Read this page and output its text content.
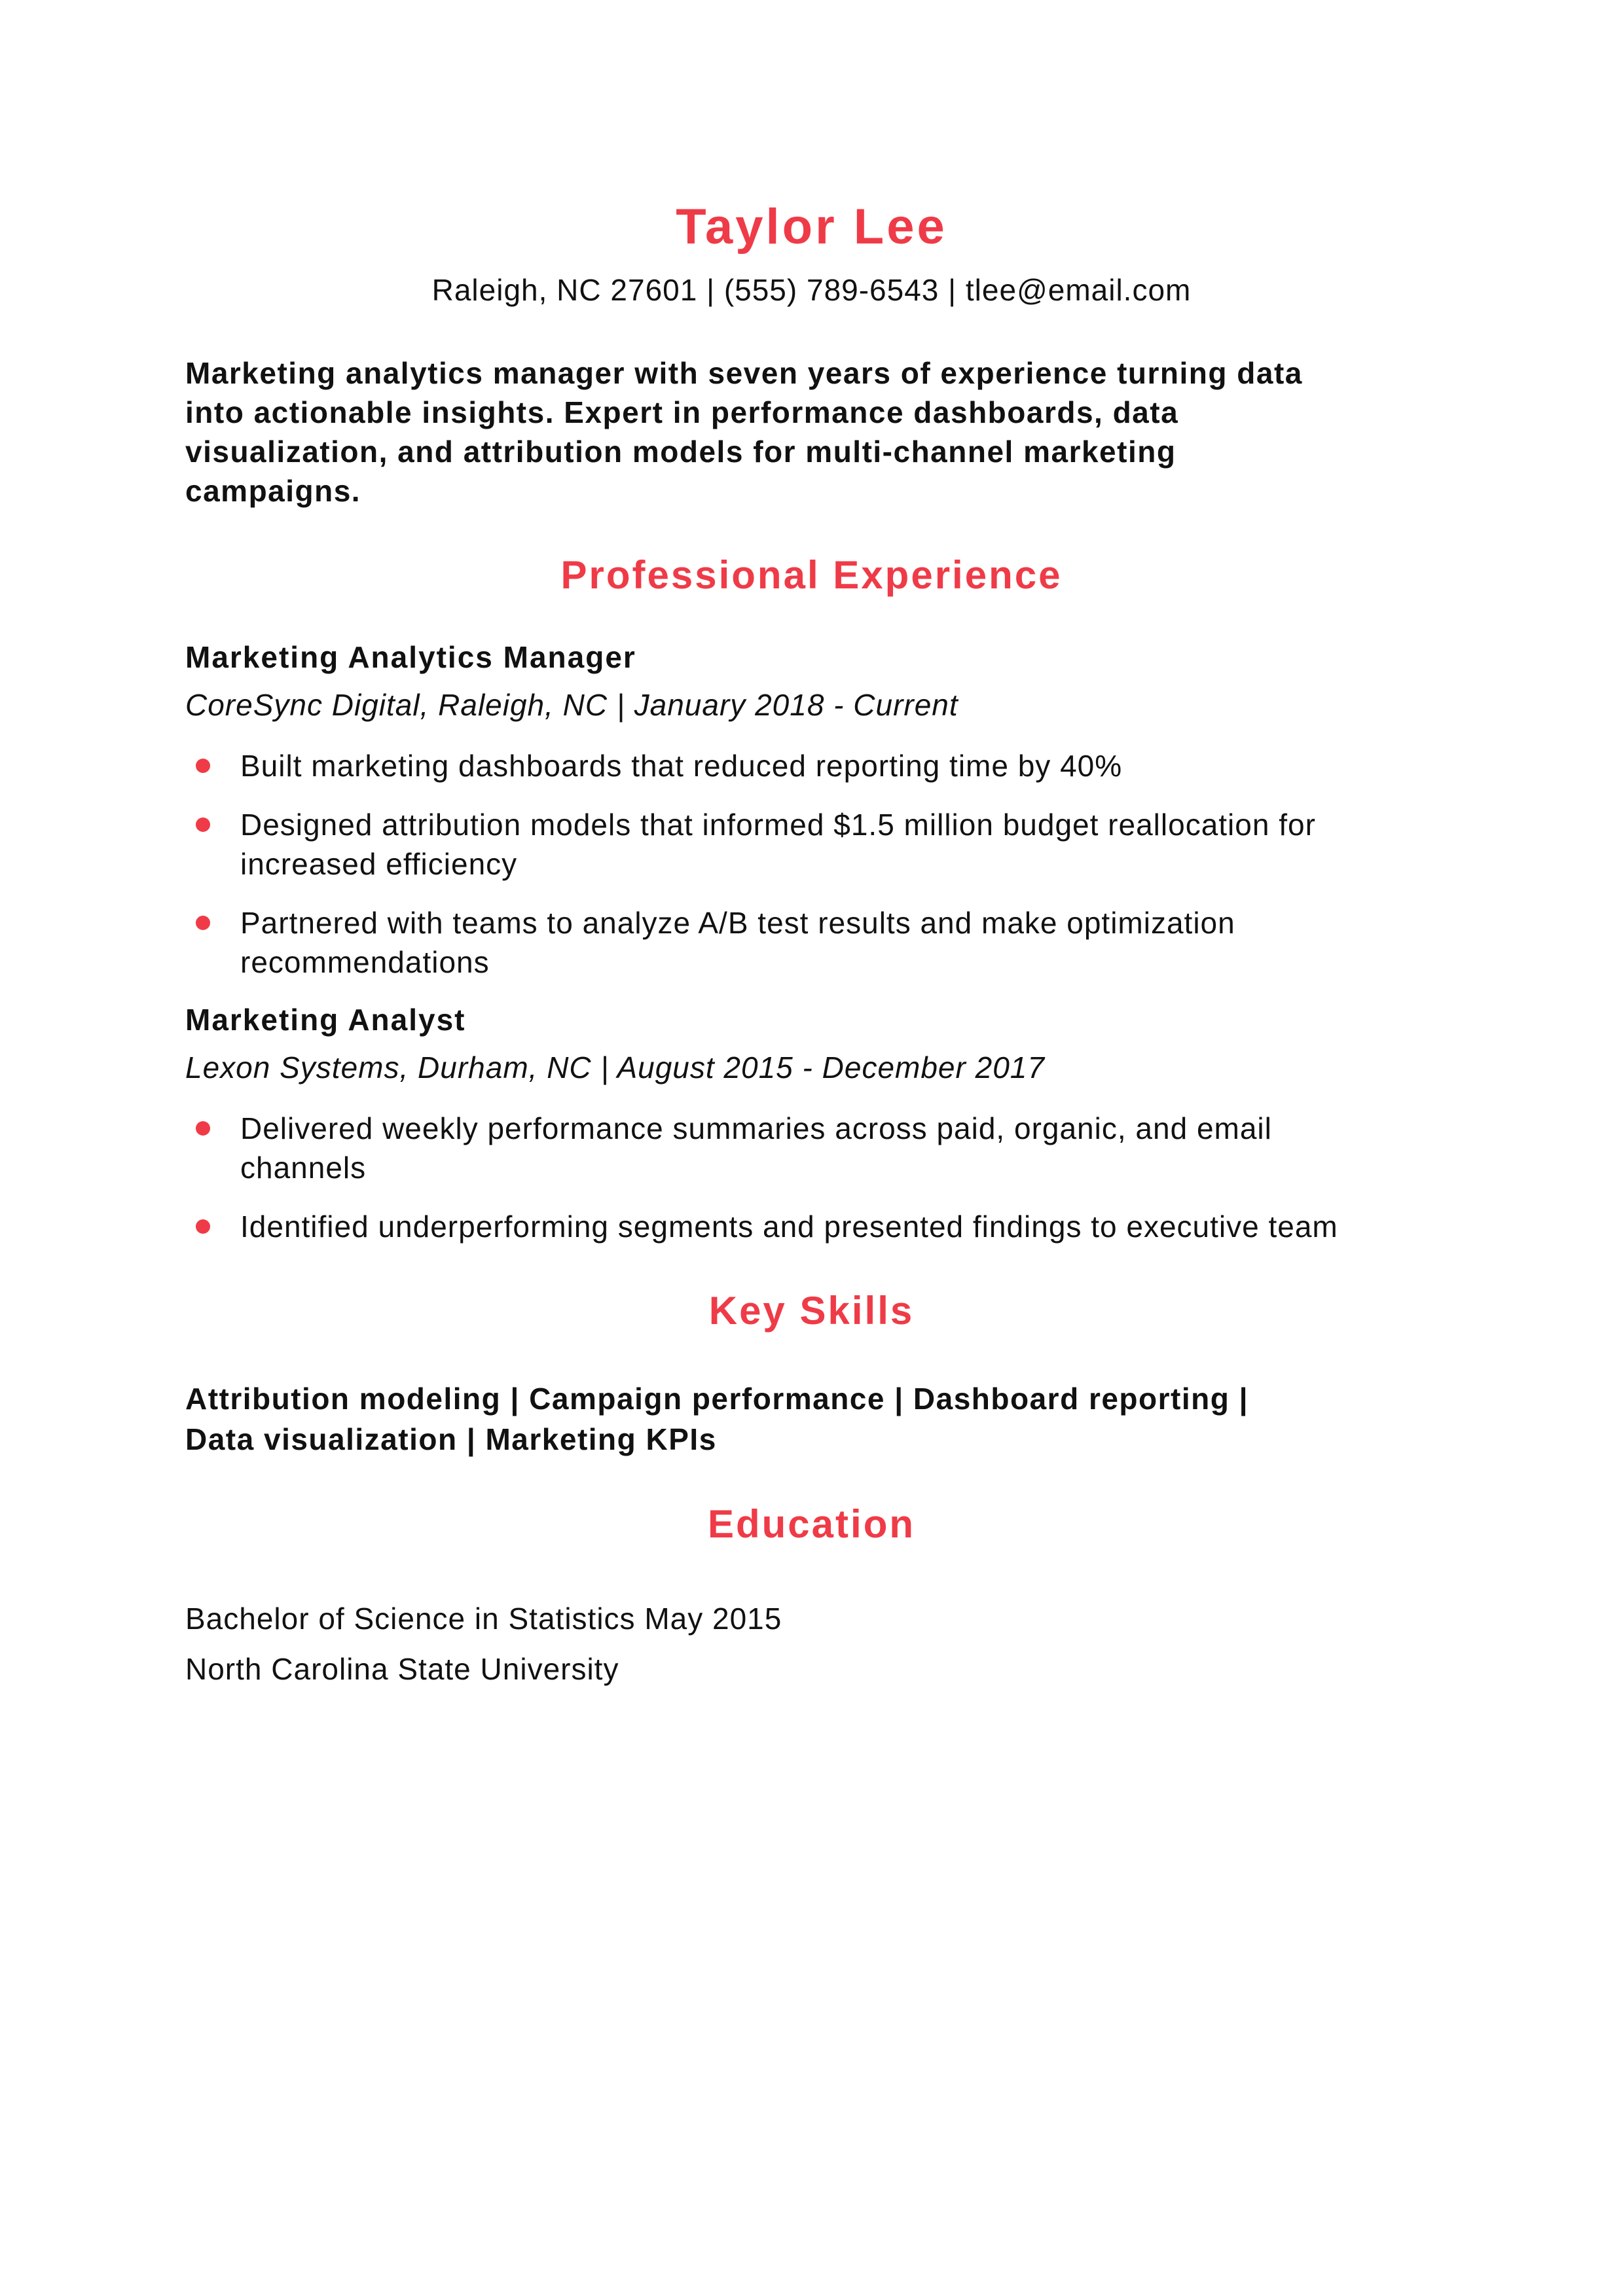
Taylor Lee

Raleigh, NC 27601 | (555) 789-6543 | tlee@email.com

Marketing analytics manager with seven years of experience turning data into actionable insights. Expert in performance dashboards, data visualization, and attribution models for multi-channel marketing campaigns.

Professional Experience
Marketing Analytics Manager

CoreSync Digital, Raleigh, NC | January 2018 - Current

Built marketing dashboards that reduced reporting time by 40%
Designed attribution models that informed $1.5 million budget reallocation for increased efficiency
Partnered with teams to analyze A/B test results and make optimization recommendations
Marketing Analyst

Lexon Systems, Durham, NC | August 2015 - December 2017

Delivered weekly performance summaries across paid, organic, and email channels
Identified underperforming segments and presented findings to executive team
Key Skills

Attribution modeling | Campaign performance | Dashboard reporting | Data visualization | Marketing KPIs

Education

Bachelor of Science in Statistics May 2015

North Carolina State University
